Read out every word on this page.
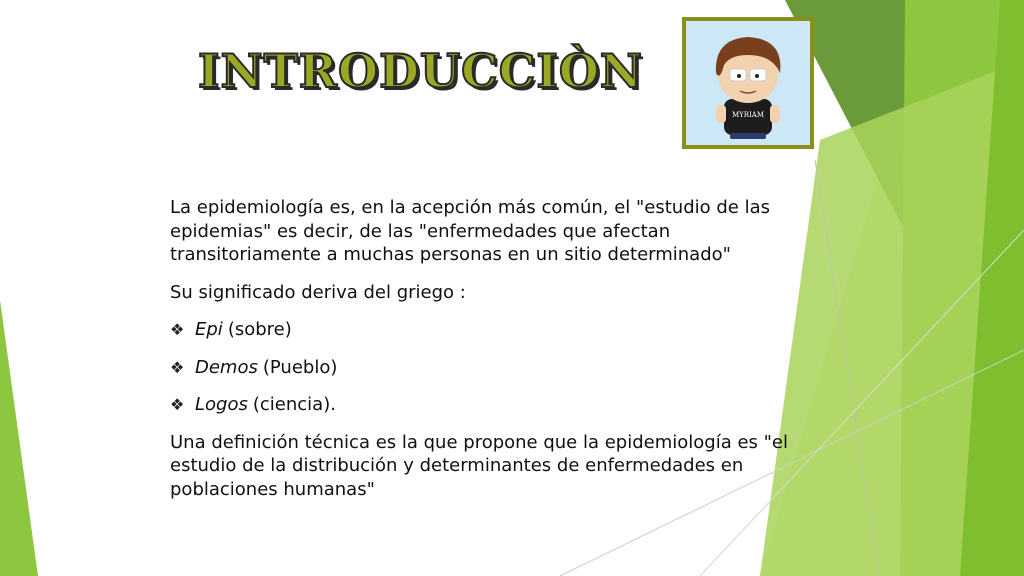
INTRODUCCIÒN
MYRIAM

La epidemiología es, en la acepción más común, el "estudio de las epidemias" es decir, de las "enfermedades que afectan transitoriamente a muchas personas en un sitio determinado"

Su significado deriva del griego :

❖ Epi (sobre)
❖ Demos (Pueblo)
❖ Logos (ciencia).

Una definición técnica es la que propone que la epidemiología es "el estudio de la distribución y determinantes de enfermedades en poblaciones humanas"
